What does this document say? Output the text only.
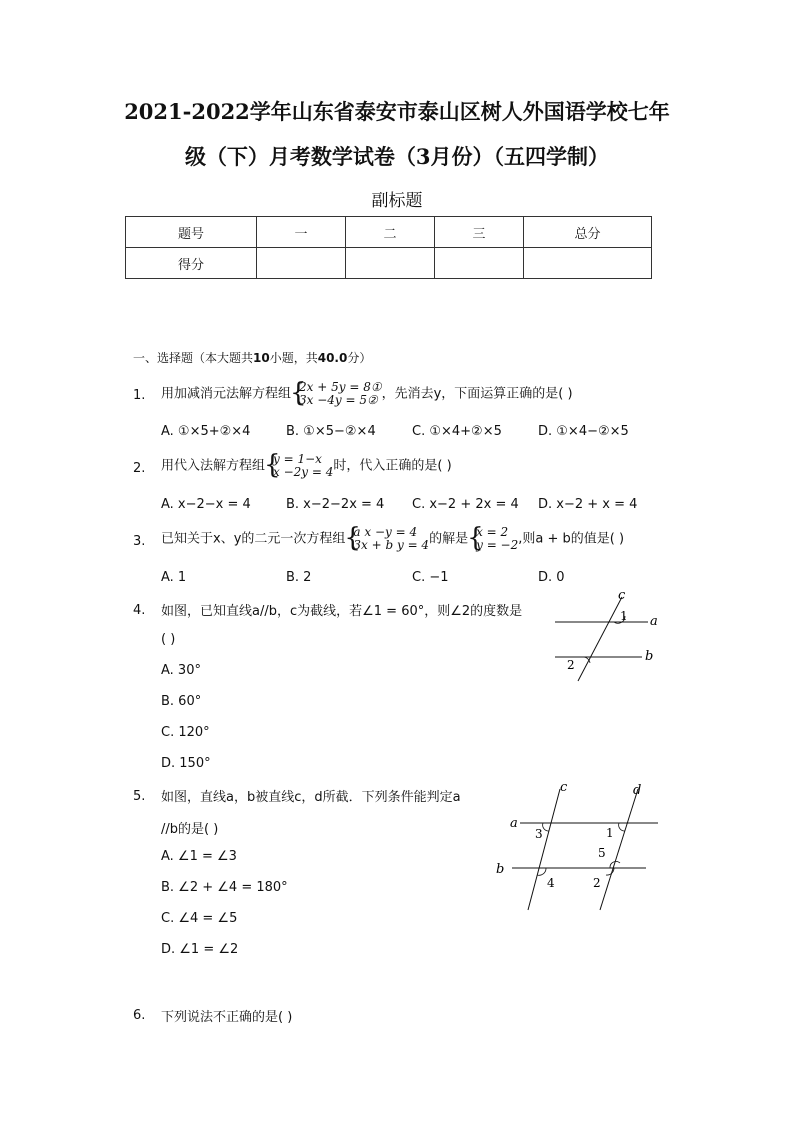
2021-2022学年山东省泰安市泰山区树人外国语学校七年
级（下）月考数学试卷（3月份）（五四学制）
副标题
题号	一	二	三	总分
得分				
一、选择题（本大题共10小题，共40.0分）
1. 用加减消元法解方程组 { 2x + 5y = 8①
3x −4y = 5② ，先消去y，下面运算正确的是( )
A. ①×5+②×4	B. ①×5−②×4	C. ①×4+②×5	D. ①×4−②×5
2. 用代入法解方程组 { y = 1−x
x −2y = 4 时，代入正确的是( )
A. x−2−x = 4	B. x−2−2x = 4 C. x−2 + 2x = 4 D. x−2 + x = 4
3. 已知关于x、y的二元一次方程组 { a x −y = 4
3x + b y = 4 的解是 { x = 2
y = −2 ,则a + b的值是( )
A. 1	B. 2	C. −1	D. 0
4. 如图，已知直线a//b，c为截线，若∠1 = 60°，则∠2的度数是
( )
A. 30°
B. 60°
C. 120°
D. 150°
c
1 a
2
b
5. 如图，直线a，b被直线c，d所截．下列条件能判定a
//b的是( )
A. ∠1 = ∠3
B. ∠2 + ∠4 = 180°
C. ∠4 = ∠5
D. ∠1 = ∠2
c	d
a
3	1
5
b
4	2
6. 下列说法不正确的是( )
